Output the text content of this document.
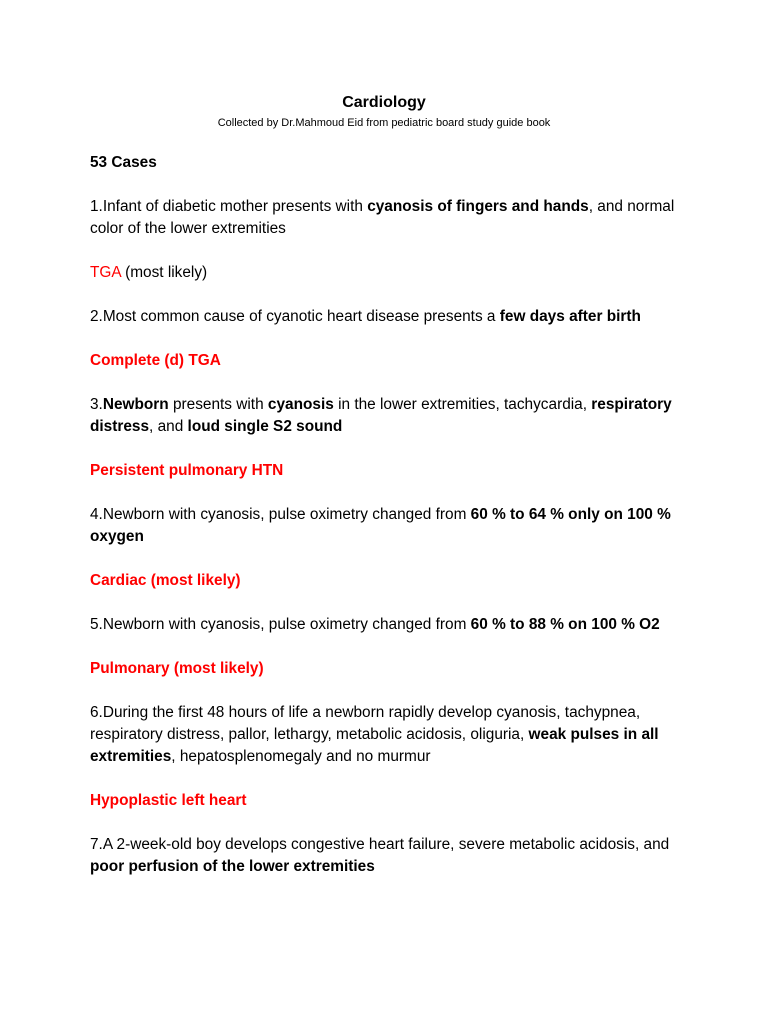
Cardiology
Collected by Dr.Mahmoud Eid from pediatric board study guide book

53 Cases

1.Infant of diabetic mother presents with cyanosis of fingers and hands, and normal color of the lower extremities

TGA (most likely)

2.Most common cause of cyanotic heart disease presents a few days after birth

Complete (d) TGA

3.Newborn presents with cyanosis in the lower extremities, tachycardia, respiratory distress, and loud single S2 sound

Persistent pulmonary HTN

4.Newborn with cyanosis, pulse oximetry changed from 60 % to 64 % only on 100 % oxygen

Cardiac (most likely)

5.Newborn with cyanosis, pulse oximetry changed from 60 % to 88 % on 100 % O2

Pulmonary (most likely)

6.During the first 48 hours of life a newborn rapidly develop cyanosis, tachypnea, respiratory distress, pallor, lethargy, metabolic acidosis, oliguria, weak pulses in all extremities, hepatosplenomegaly and no murmur

Hypoplastic left heart

7.A 2-week-old boy develops congestive heart failure, severe metabolic acidosis, and poor perfusion of the lower extremities
